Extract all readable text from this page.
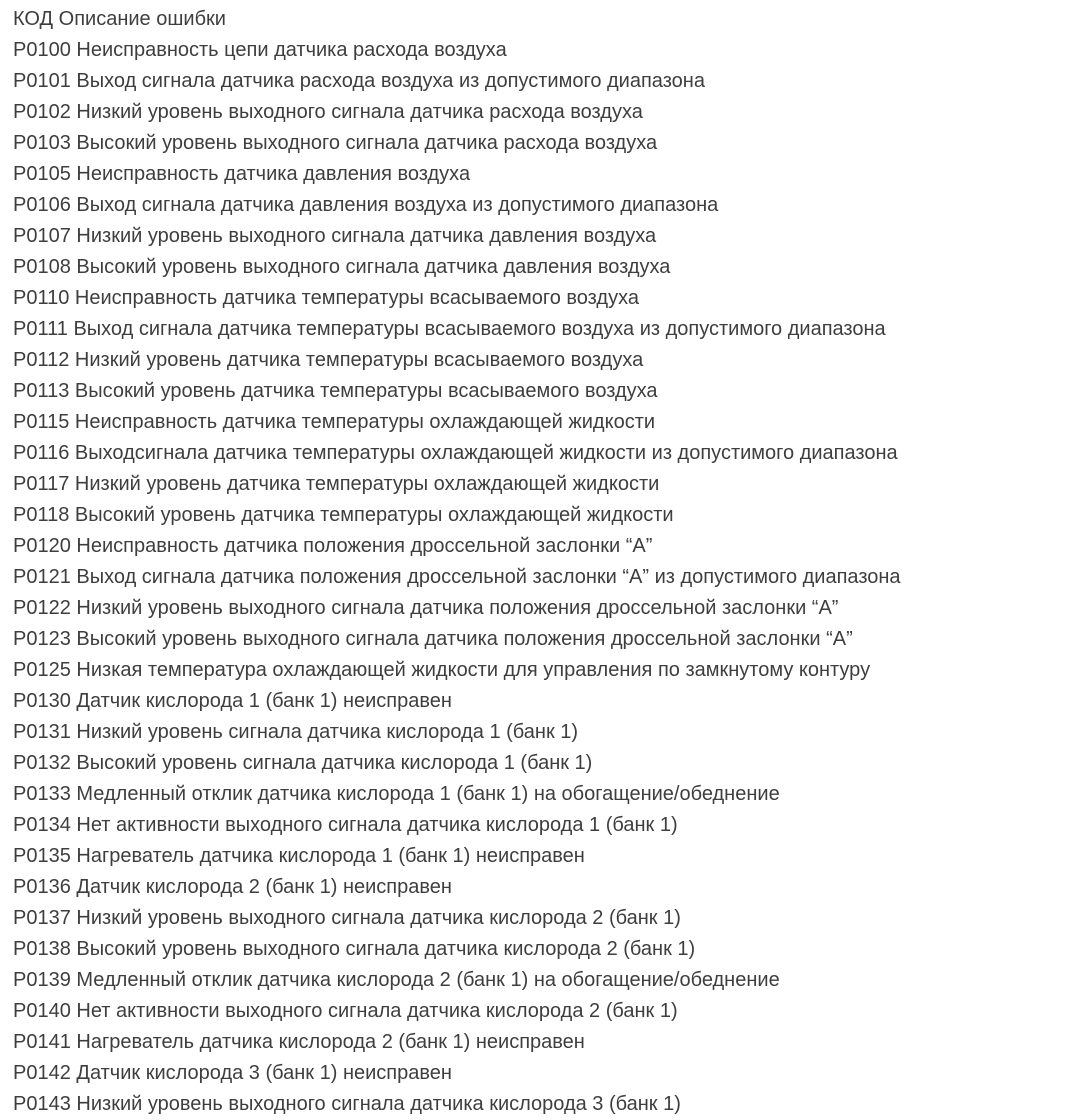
КОД Описание ошибки
P0100 Неисправность цепи датчика расхода воздуха
P0101 Выход сигнала датчика расхода воздуха из допустимого диапазона
P0102 Низкий уровень выходного сигнала датчика расхода воздуха
P0103 Высокий уровень выходного сигнала датчика расхода воздуха
P0105 Неисправность датчика давления воздуха
P0106 Выход сигнала датчика давления воздуха из допустимого диапазона
P0107 Низкий уровень выходного сигнала датчика давления воздуха
P0108 Высокий уровень выходного сигнала датчика давления воздуха
P0110 Неисправность датчика температуры всасываемого воздуха
P0111 Выход сигнала датчика температуры всасываемого воздуха из допустимого диапазона
P0112 Низкий уровень датчика температуры всасываемого воздуха
P0113 Высокий уровень датчика температуры всасываемого воздуха
P0115 Неисправность датчика температуры охлаждающей жидкости
P0116 Выходсигнала датчика температуры охлаждающей жидкости из допустимого диапазона
P0117 Низкий уровень датчика температуры охлаждающей жидкости
P0118 Высокий уровень датчика температуры охлаждающей жидкости
P0120 Неисправность датчика положения дроссельной заслонки “А”
P0121 Выход сигнала датчика положения дроссельной заслонки “А” из допустимого диапазона
P0122 Низкий уровень выходного сигнала датчика положения дроссельной заслонки “А”
P0123 Высокий уровень выходного сигнала датчика положения дроссельной заслонки “А”
P0125 Низкая температура охлаждающей жидкости для управления по замкнутому контуру
P0130 Датчик кислорода 1 (банк 1) неисправен
P0131 Низкий уровень сигнала датчика кислорода 1 (банк 1)
P0132 Высокий уровень сигнала датчика кислорода 1 (банк 1)
P0133 Медленный отклик датчика кислорода 1 (банк 1) на обогащение/обеднение
P0134 Нет активности выходного сигнала датчика кислорода 1 (банк 1)
P0135 Нагреватель датчика кислорода 1 (банк 1) неисправен
P0136 Датчик кислорода 2 (банк 1) неисправен
P0137 Низкий уровень выходного сигнала датчика кислорода 2 (банк 1)
P0138 Высокий уровень выходного сигнала датчика кислорода 2 (банк 1)
P0139 Медленный отклик датчика кислорода 2 (банк 1) на обогащение/обеднение
P0140 Нет активности выходного сигнала датчика кислорода 2 (банк 1)
P0141 Нагреватель датчика кислорода 2 (банк 1) неисправен
P0142 Датчик кислорода 3 (банк 1) неисправен
P0143 Низкий уровень выходного сигнала датчика кислорода 3 (банк 1)
